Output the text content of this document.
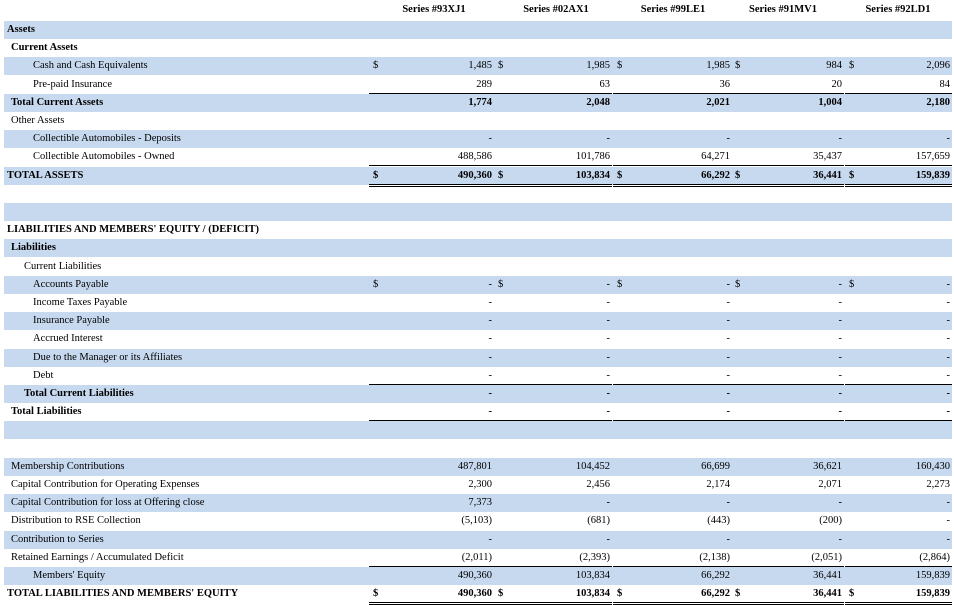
Series #93XJ1	Series #02AX1	Series #99LE1	Series #91MV1	Series #92LD1
Assets
Current Assets
Cash and Cash Equivalents	$	1,485 $	1,985 $	1,985 $	984 $	2,096
Pre-paid Insurance	289	63	36	20	84
Total Current Assets	1,774	2,048	2,021	1,004	2,180
Other Assets
Collectible Automobiles - Deposits	-	-	-	-	-
Collectible Automobiles - Owned	488,586	101,786	64,271	35,437	157,659
TOTAL ASSETS	$	490,360 $	103,834 $	66,292 $	36,441 $	159,839
LIABILITIES AND MEMBERS' EQUITY / (DEFICIT)
Liabilities
Current Liabilities
Accounts Payable	$	- $	- $	- $	- $	-
Income Taxes Payable	-	-	-	-	-
Insurance Payable	-	-	-	-	-
Accrued Interest	-	-	-	-	-
Due to the Manager or its Affiliates	-	-	-	-	-
Debt	-	-	-	-	-
Total Current Liabilities	-	-	-	-	-
Total Liabilities	-	-	-	-	-
Membership Contributions	487,801	104,452	66,699	36,621	160,430
Capital Contribution for Operating Expenses	2,300	2,456	2,174	2,071	2,273
Capital Contribution for loss at Offering close	7,373	-	-	-	-
Distribution to RSE Collection	(5,103)	(681)	(443)	(200)	-
Contribution to Series	-	-	-	-	-
Retained Earnings / Accumulated Deficit	(2,011)	(2,393)	(2,138)	(2,051)	(2,864)
Members' Equity	490,360	103,834	66,292	36,441	159,839
TOTAL LIABILITIES AND MEMBERS' EQUITY	$	490,360 $	103,834 $	66,292 $	36,441 $	159,839
